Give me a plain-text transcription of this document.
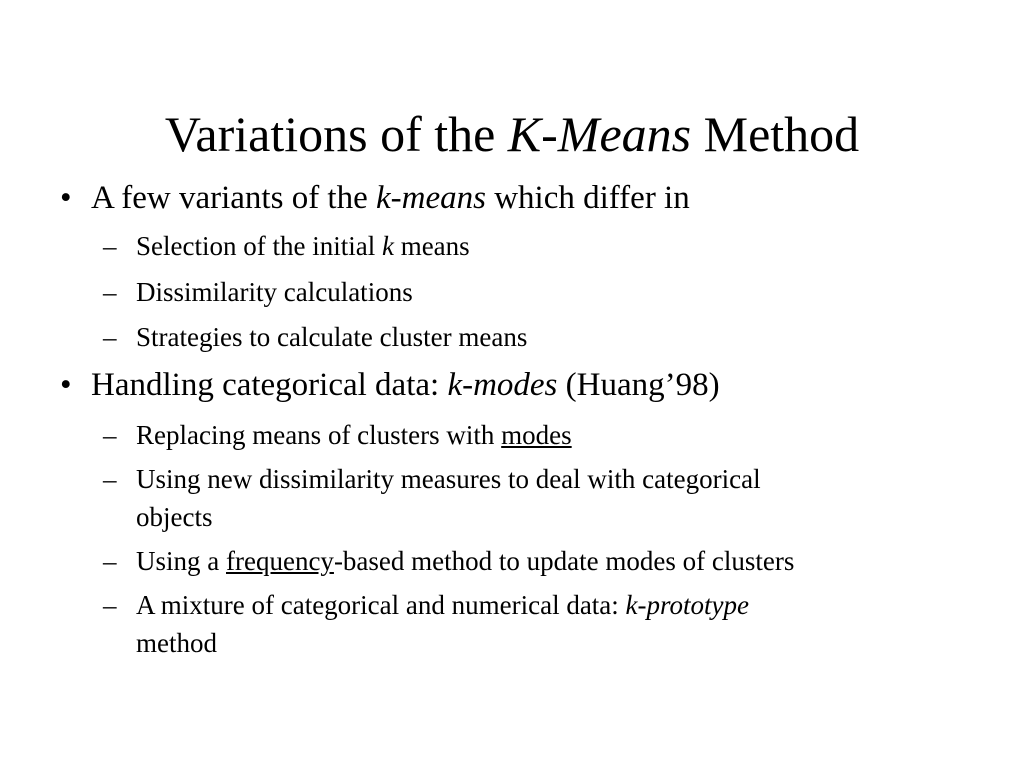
Variations of the K-Means Method
• A few variants of the k-means which differ in
– Selection of the initial k means
– Dissimilarity calculations
– Strategies to calculate cluster means
• Handling categorical data: k-modes (Huang’98)
– Replacing means of clusters with modes
– Using new dissimilarity measures to deal with categorical
objects
– Using a frequency-based method to update modes of clusters
– A mixture of categorical and numerical data: k-prototype
method
